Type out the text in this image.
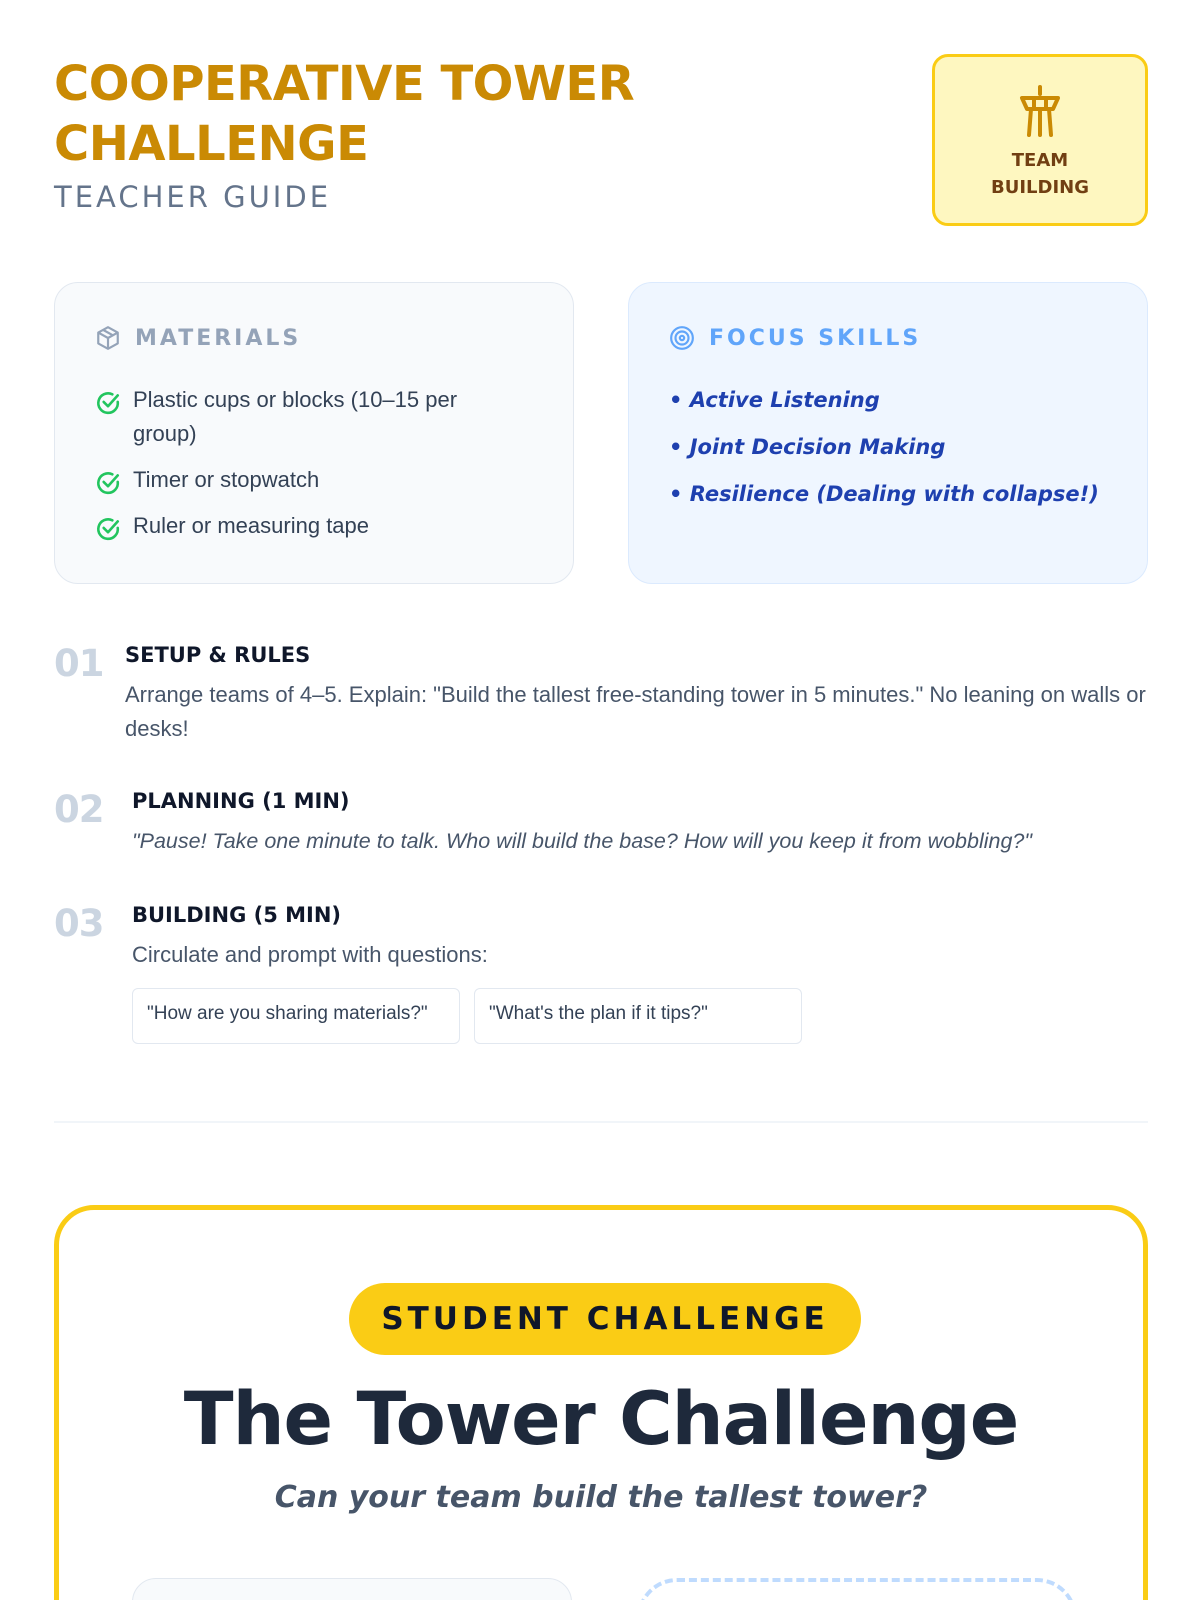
COOPERATIVE TOWER CHALLENGE
TEACHER GUIDE
TEAM BUILDING
MATERIALS
Plastic cups or blocks (10–15 per group)
Timer or stopwatch
Ruler or measuring tape
FOCUS SKILLS
• Active Listening
• Joint Decision Making
• Resilience (Dealing with collapse!)
01 SETUP & RULES
Arrange teams of 4–5. Explain: "Build the tallest free-standing tower in 5 minutes." No leaning on walls or desks!
02 PLANNING (1 MIN)
"Pause! Take one minute to talk. Who will build the base? How will you keep it from wobbling?"
03 BUILDING (5 MIN)
Circulate and prompt with questions:
"How are you sharing materials?"	"What's the plan if it tips?"
STUDENT CHALLENGE
The Tower Challenge
Can your team build the tallest tower?
